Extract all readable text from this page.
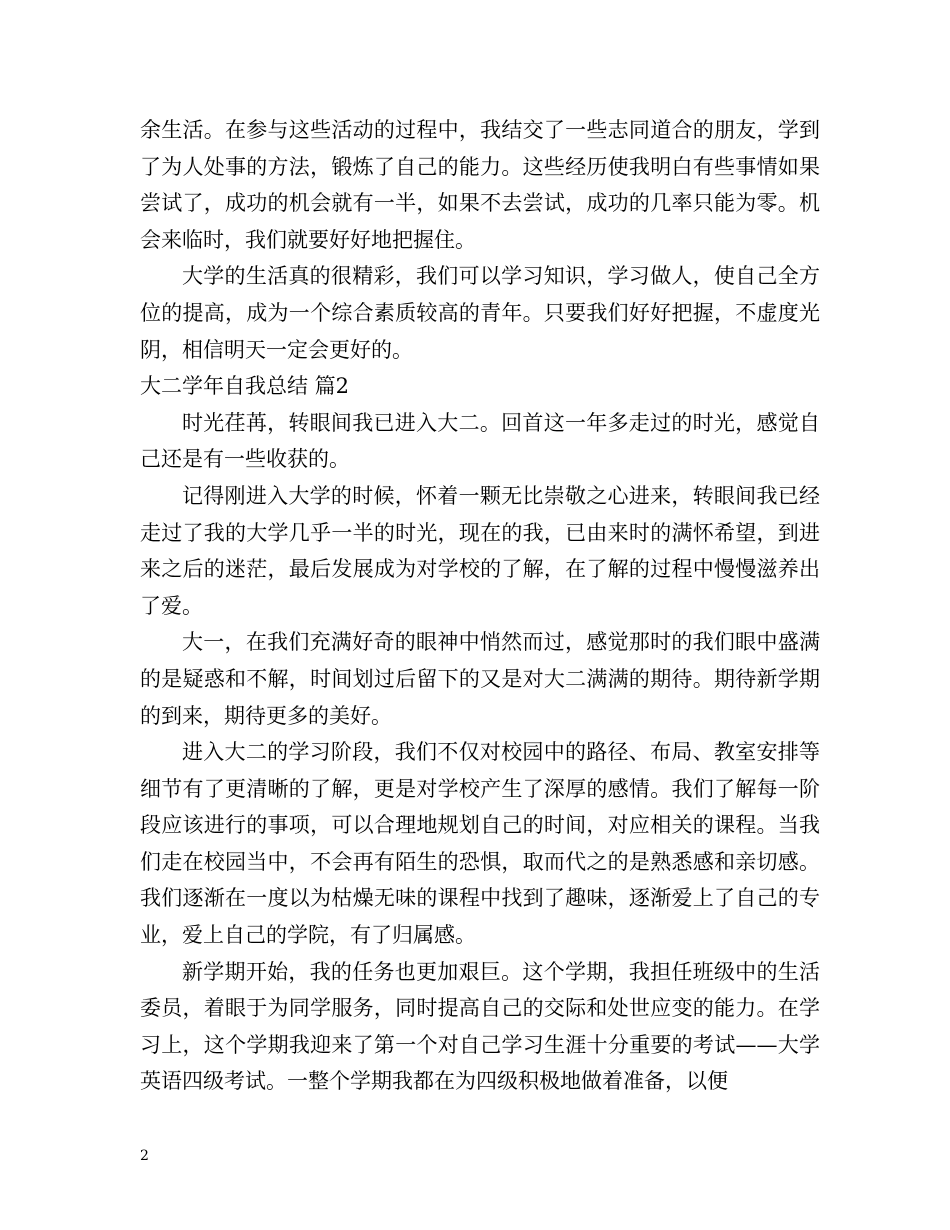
余生活。在参与这些活动的过程中，我结交了一些志同道合的朋友，学到了为人处事的方法，锻炼了自己的能力。这些经历使我明白有些事情如果尝试了，成功的机会就有一半，如果不去尝试，成功的几率只能为零。机会来临时，我们就要好好地把握住。

大学的生活真的很精彩，我们可以学习知识，学习做人，使自己全方位的提高，成为一个综合素质较高的青年。只要我们好好把握，不虚度光阴，相信明天一定会更好的。

大二学年自我总结 篇2

时光荏苒，转眼间我已进入大二。回首这一年多走过的时光，感觉自己还是有一些收获的。

记得刚进入大学的时候，怀着一颗无比崇敬之心进来，转眼间我已经走过了我的大学几乎一半的时光，现在的我，已由来时的满怀希望，到进来之后的迷茫，最后发展成为对学校的了解，在了解的过程中慢慢滋养出了爱。

大一，在我们充满好奇的眼神中悄然而过，感觉那时的我们眼中盛满的是疑惑和不解，时间划过后留下的又是对大二满满的期待。期待新学期的到来，期待更多的美好。

进入大二的学习阶段，我们不仅对校园中的路径、布局、教室安排等细节有了更清晰的了解，更是对学校产生了深厚的感情。我们了解每一阶段应该进行的事项，可以合理地规划自己的时间，对应相关的课程。当我们走在校园当中，不会再有陌生的恐惧，取而代之的是熟悉感和亲切感。我们逐渐在一度以为枯燥无味的课程中找到了趣味，逐渐爱上了自己的专业，爱上自己的学院，有了归属感。

新学期开始，我的任务也更加艰巨。这个学期，我担任班级中的生活委员，着眼于为同学服务，同时提高自己的交际和处世应变的能力。在学习上，这个学期我迎来了第一个对自己学习生涯十分重要的考试——大学英语四级考试。一整个学期我都在为四级积极地做着准备，以便

2
